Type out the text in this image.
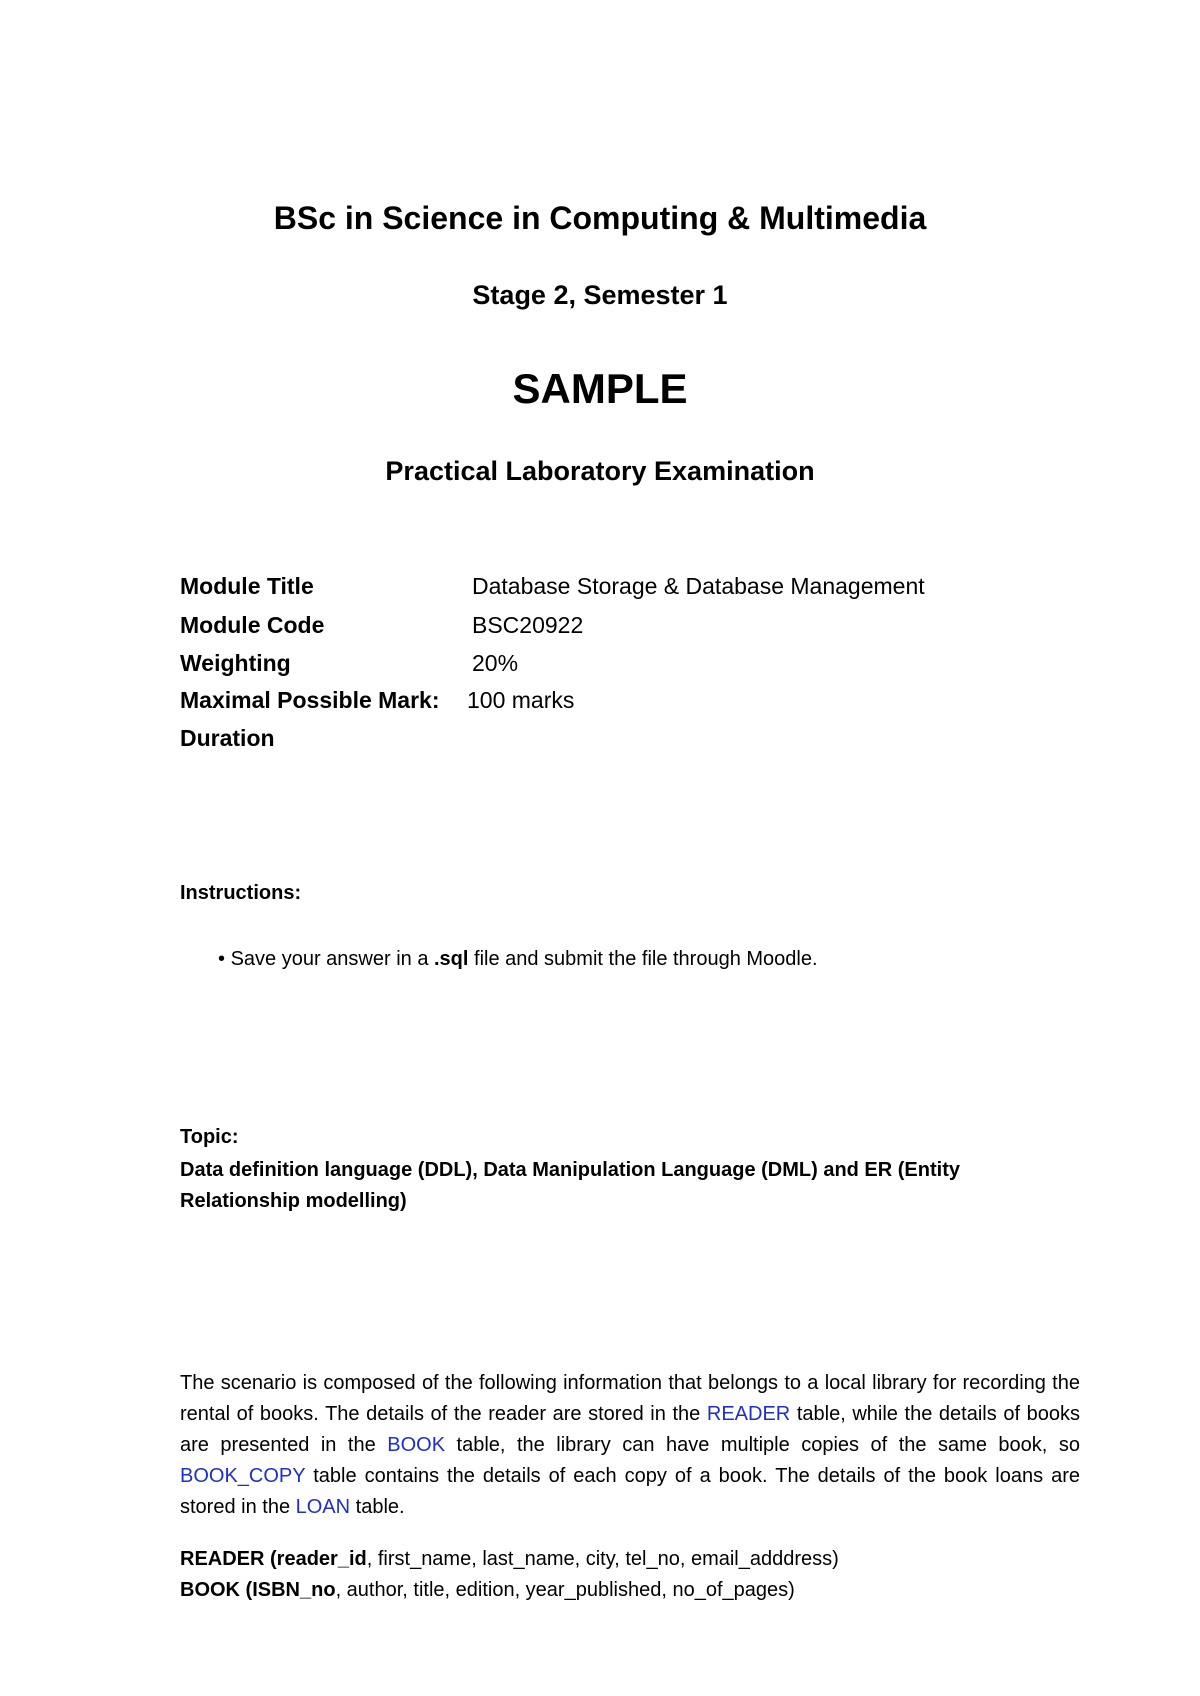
BSc in Science in Computing & Multimedia
Stage 2, Semester 1
SAMPLE
Practical Laboratory Examination
Module Title	Database Storage & Database Management
Module Code	BSC20922
Weighting	20%
Maximal Possible Mark: 100 marks
Duration
Instructions:
• Save your answer in a .sql file and submit the file through Moodle.
Topic:
Data definition language (DDL), Data Manipulation Language (DML) and ER (Entity Relationship modelling)
The scenario is composed of the following information that belongs to a local library for recording the rental of books. The details of the reader are stored in the READER table, while the details of books are presented in the BOOK table, the library can have multiple copies of the same book, so BOOK_COPY table contains the details of each copy of a book. The details of the book loans are stored in the LOAN table.
READER (reader_id, first_name, last_name, city, tel_no, email_adddress)
BOOK (ISBN_no, author, title, edition, year_published, no_of_pages)
